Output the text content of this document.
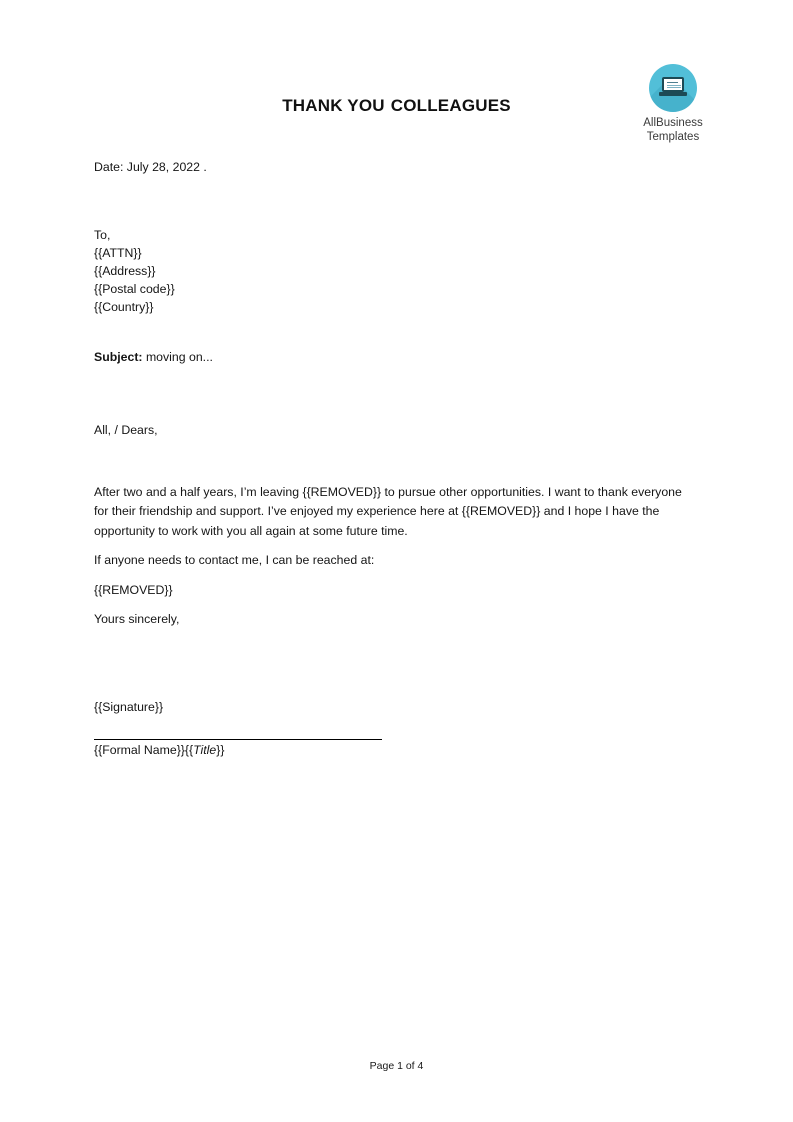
AllBusiness
Templates
THANK YOU COLLEAGUES

Date: July 28, 2022 .

To,
{{ATTN}}
{{Address}}
{{Postal code}}
{{Country}}

Subject: moving on...

All, / Dears,

After two and a half years, I’m leaving {{REMOVED}} to pursue other opportunities. I want to thank everyone for their friendship and support. I’ve enjoyed my experience here at {{REMOVED}} and I hope I have the opportunity to work with you all again at some future time.

If anyone needs to contact me, I can be reached at:

{{REMOVED}}

Yours sincerely,

{{Signature}}

{{Formal Name}}{{Title}}

Page 1 of 4
